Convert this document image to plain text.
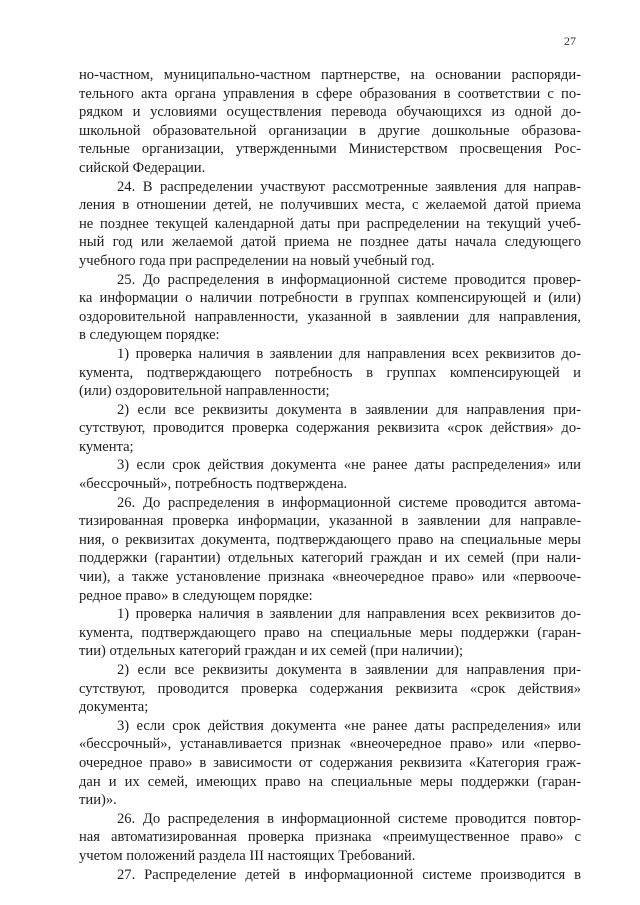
27

но-частном, муниципально-частном партнерстве, на основании распоряди-

тельного акта органа управления в сфере образования в соответствии с по-

рядком и условиями осуществления перевода обучающихся из одной до-

школьной образовательной организации в другие дошкольные образова-

тельные организации, утвержденными Министерством просвещения Рос-

сийской Федерации.

24. В распределении участвуют рассмотренные заявления для направ-

ления в отношении детей, не получивших места, с желаемой датой приема

не позднее текущей календарной даты при распределении на текущий учеб-

ный год или желаемой датой приема не позднее даты начала следующего

учебного года при распределении на новый учебный год.

25. До распределения в информационной системе проводится провер-

ка информации о наличии потребности в группах компенсирующей и (или)

оздоровительной направленности, указанной в заявлении для направления,

в следующем порядке:

1) проверка наличия в заявлении для направления всех реквизитов до-

кумента, подтверждающего потребность в группах компенсирующей и

(или) оздоровительной направленности;

2) если все реквизиты документа в заявлении для направления при-

сутствуют, проводится проверка содержания реквизита «срок действия» до-

кумента;

3) если срок действия документа «не ранее даты распределения» или

«бессрочный», потребность подтверждена.

26. До распределения в информационной системе проводится автома-

тизированная проверка информации, указанной в заявлении для направле-

ния, о реквизитах документа, подтверждающего право на специальные меры

поддержки (гарантии) отдельных категорий граждан и их семей (при нали-

чии), а также установление признака «внеочередное право» или «первооче-

редное право» в следующем порядке:

1) проверка наличия в заявлении для направления всех реквизитов до-

кумента, подтверждающего право на специальные меры поддержки (гаран-

тии) отдельных категорий граждан и их семей (при наличии);

2) если все реквизиты документа в заявлении для направления при-

сутствуют, проводится проверка содержания реквизита «срок действия»

документа;

3) если срок действия документа «не ранее даты распределения» или

«бессрочный», устанавливается признак «внеочередное право» или «перво-

очередное право» в зависимости от содержания реквизита «Категория граж-

дан и их семей, имеющих право на специальные меры поддержки (гаран-

тии)».

26. До распределения в информационной системе проводится повтор-

ная автоматизированная проверка признака «преимущественное право» с

учетом положений раздела III настоящих Требований.

27. Распределение детей в информационной системе производится в
